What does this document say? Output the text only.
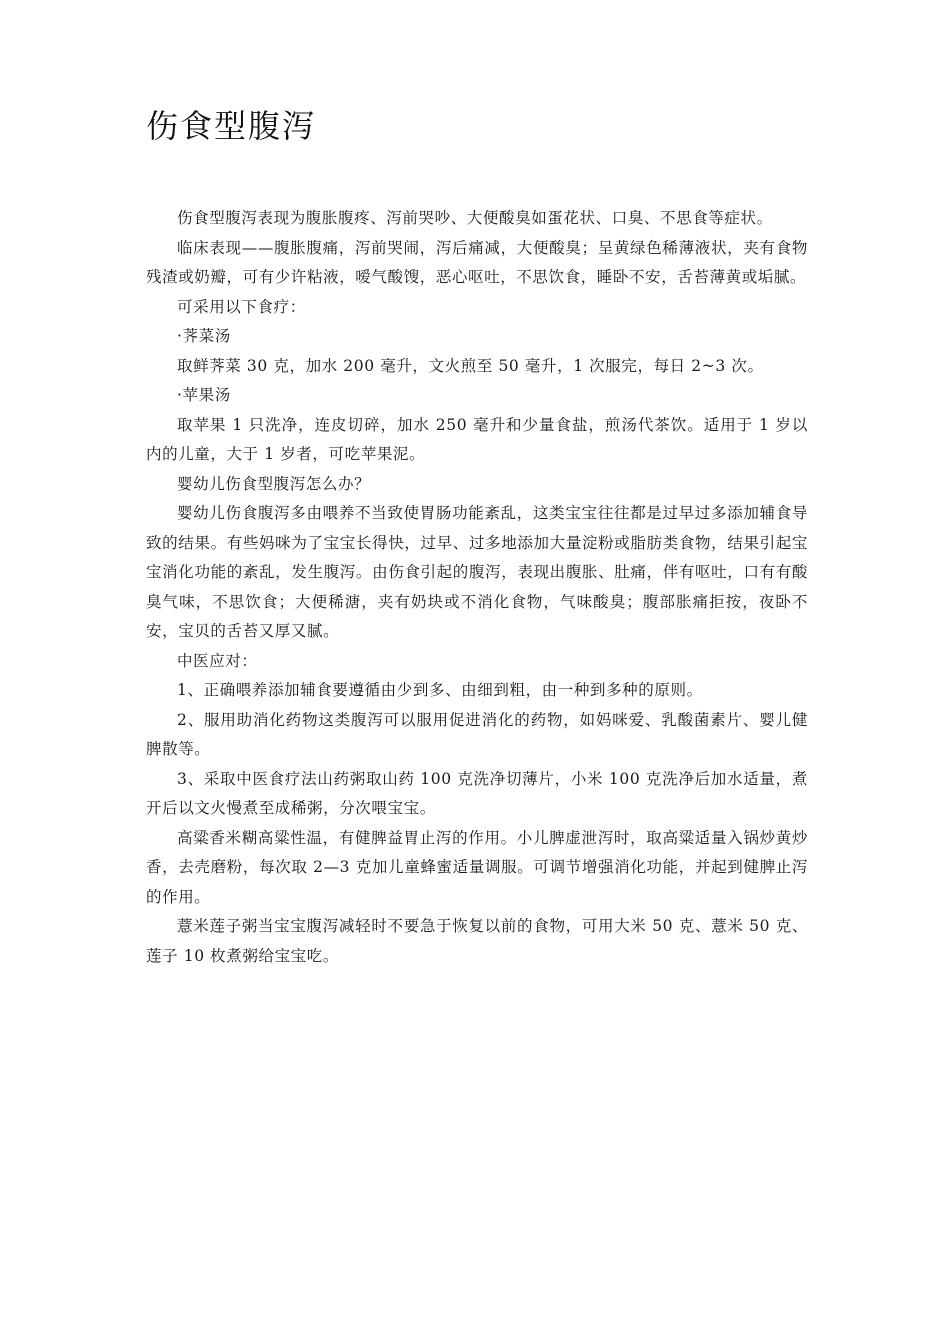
伤食型腹泻

伤食型腹泻表现为腹胀腹疼、泻前哭吵、大便酸臭如蛋花状、口臭、不思食等症状。

临床表现——腹胀腹痛，泻前哭闹，泻后痛减，大便酸臭；呈黄绿色稀薄液状，夹有食物残渣或奶瓣，可有少许粘液，嗳气酸馊，恶心呕吐，不思饮食，睡卧不安，舌苔薄黄或垢腻。

可采用以下食疗：

·荠菜汤

取鲜荠菜 30 克，加水 200 毫升，文火煎至 50 毫升，1 次服完，每日 2~3 次。

·苹果汤

取苹果 1 只洗净，连皮切碎，加水 250 毫升和少量食盐，煎汤代茶饮。适用于 1 岁以内的儿童，大于 1 岁者，可吃苹果泥。

婴幼儿伤食型腹泻怎么办？

婴幼儿伤食腹泻多由喂养不当致使胃肠功能紊乱，这类宝宝往往都是过早过多添加辅食导致的结果。有些妈咪为了宝宝长得快，过早、过多地添加大量淀粉或脂肪类食物，结果引起宝宝消化功能的紊乱，发生腹泻。由伤食引起的腹泻，表现出腹胀、肚痛，伴有呕吐，口有有酸臭气味，不思饮食；大便稀溏，夹有奶块或不消化食物，气味酸臭；腹部胀痛拒按，夜卧不安，宝贝的舌苔又厚又腻。

中医应对：

1、正确喂养添加辅食要遵循由少到多、由细到粗，由一种到多种的原则。

2、服用助消化药物这类腹泻可以服用促进消化的药物，如妈咪爱、乳酸菌素片、婴儿健脾散等。

3、采取中医食疗法山药粥取山药 100 克洗净切薄片，小米 100 克洗净后加水适量，煮开后以文火慢煮至成稀粥，分次喂宝宝。

高粱香米糊高粱性温，有健脾益胃止泻的作用。小儿脾虚泄泻时，取高粱适量入锅炒黄炒香，去壳磨粉，每次取 2—3 克加儿童蜂蜜适量调服。可调节增强消化功能，并起到健脾止泻的作用。

薏米莲子粥当宝宝腹泻减轻时不要急于恢复以前的食物，可用大米 50 克、薏米 50 克、莲子 10 枚煮粥给宝宝吃。
